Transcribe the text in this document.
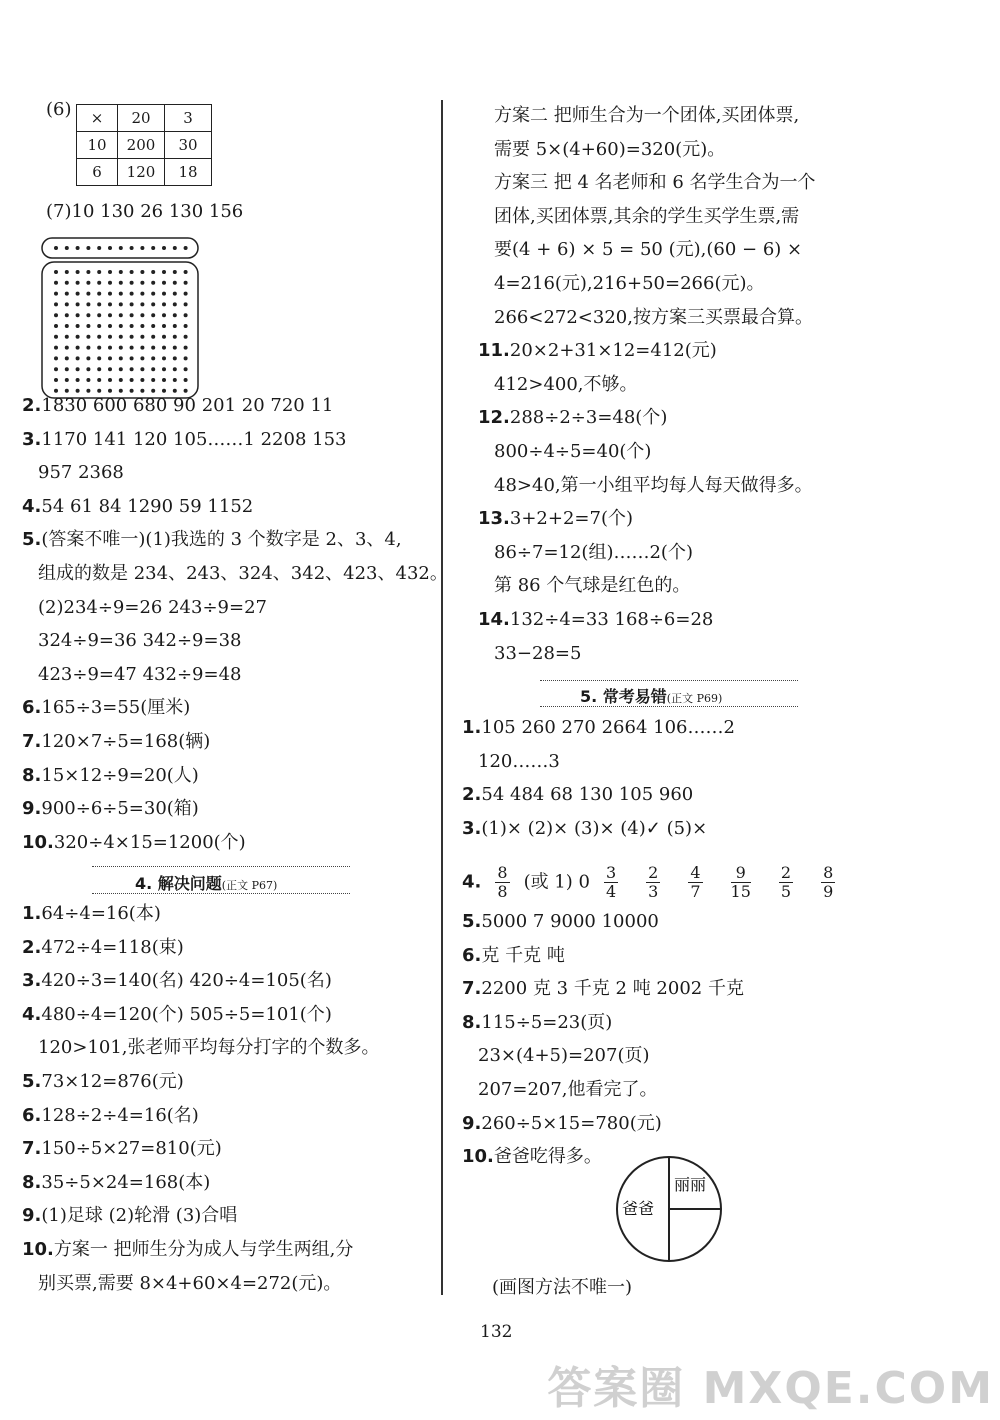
(6) ×	20	3
10	200	30
6	120	18
(7)10 130 26 130 156
2.1830 600 680 90 201 20 720 11
3.1170 141 120 105……1 2208 153
957 2368
4.54 61 84 1290 59 1152
5.(答案不唯一)(1)我选的 3 个数字是 2、3、4,
组成的数是 234、243、324、342、423、432。
(2)234÷9=26 243÷9=27
324÷9=36 342÷9=38
423÷9=47 432÷9=48
6.165÷3=55(厘米)
7.120×7÷5=168(辆)
8.15×12÷9=20(人)
9.900÷6÷5=30(箱)
10.320÷4×15=1200(个)
4. 解决问题(正文 P67)
1.64÷4=16(本)
2.472÷4=118(束)
3.420÷3=140(名) 420÷4=105(名)
4.480÷4=120(个) 505÷5=101(个)
120>101,张老师平均每分打字的个数多。
5.73×12=876(元)
6.128÷2÷4=16(名)
7.150÷5×27=810(元)
8.35÷5×24=168(本)
9.(1)足球 (2)轮滑 (3)合唱
10.方案一 把师生分为成人与学生两组,分
别买票,需要 8×4+60×4=272(元)。
方案二 把师生合为一个团体,买团体票,
需要 5×(4+60)=320(元)。
方案三 把 4 名老师和 6 名学生合为一个
团体,买团体票,其余的学生买学生票,需
要(4 + 6) × 5 = 50 (元),(60 − 6) ×
4=216(元),216+50=266(元)。
266<272<320,按方案三买票最合算。
11.20×2+31×12=412(元)
412>400,不够。
12.288÷2÷3=48(个)
800÷4÷5=40(个)
48>40,第一小组平均每人每天做得多。
13.3+2+2=7(个)
86÷7=12(组)……2(个)
第 86 个气球是红色的。
14.132÷4=33 168÷6=28
33−28=5
5. 常考易错(正文 P69)
1.105 260 270 2664 106……2
120……3
2.54 484 68 130 105 960
3.(1)× (2)× (3)× (4)✓ (5)×
4. $\frac{8}{8}$ (或 1) $0 \frac{3}{4} \frac{2}{3} \frac{4}{7} \frac{9}{15} \frac{2}{5} \frac{8}{9}$
5.5000 7 9000 10000
6.克 千克 吨
7.2200 克 3 千克 2 吨 2002 千克
8.115÷5=23(页)
23×(4+5)=207(页)
207=207,他看完了。
9.260÷5×15=780(元)
10.爸爸吃得多。
爸爸
丽丽
(画图方法不唯一)
132
答案圈 MXQE.COM
